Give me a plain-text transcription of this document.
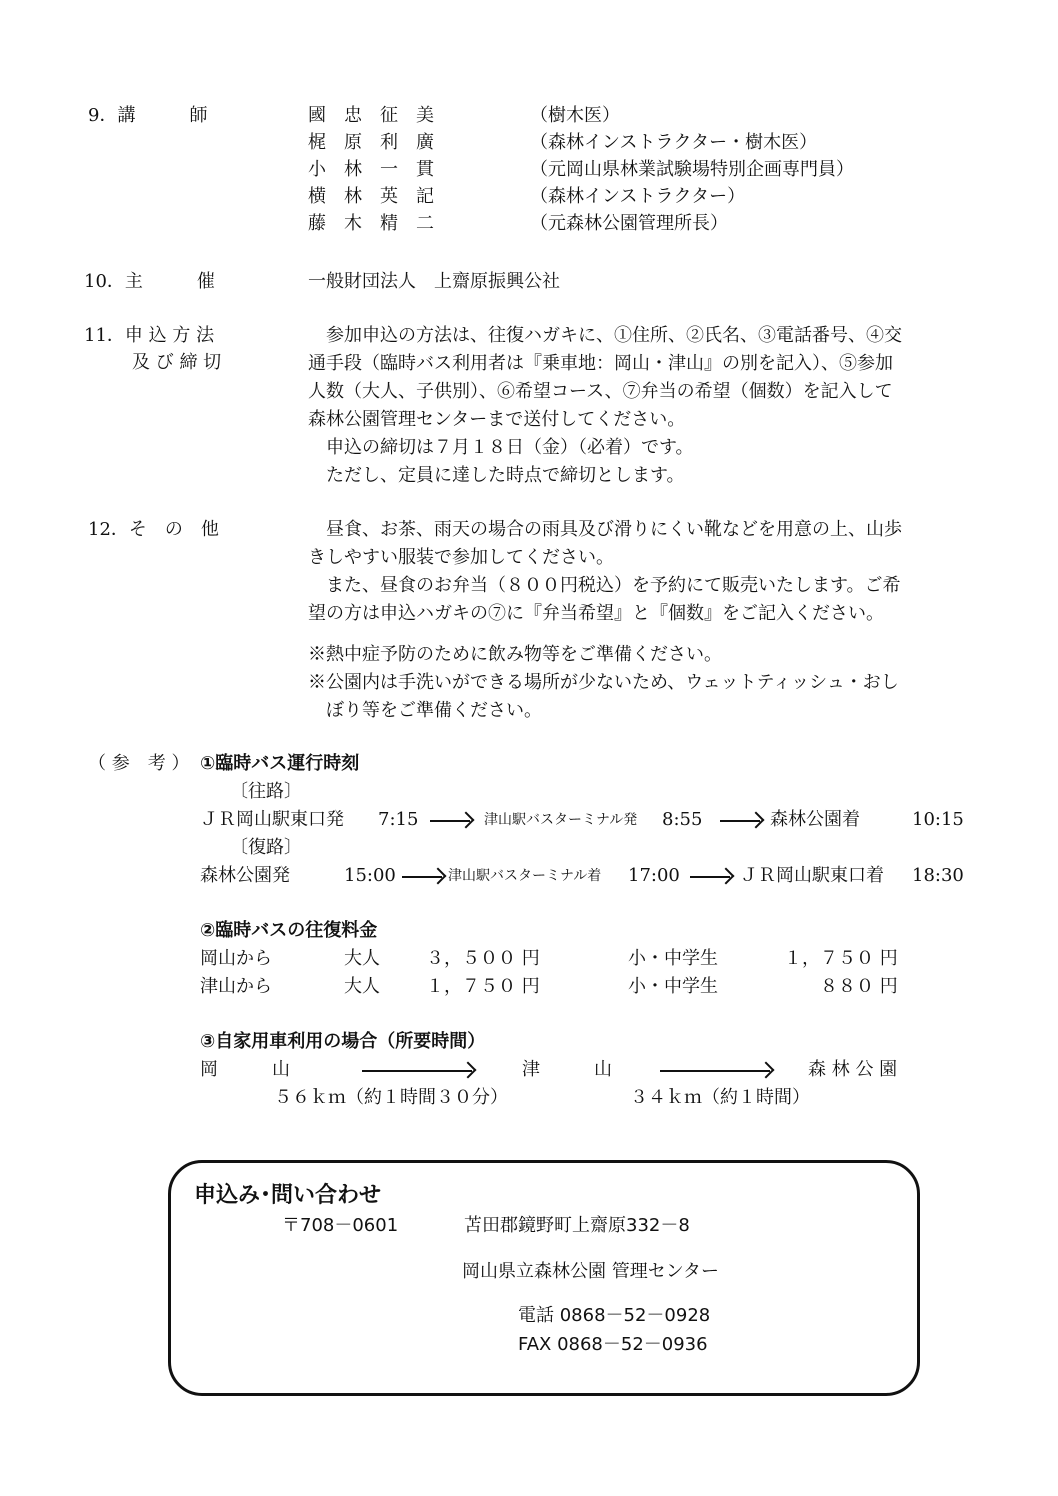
9．講　　　師	國　忠　征　美	（樹木医）
梶　原　利　廣	（森林インストラクター・樹木医）
小　林　一　貫	（元岡山県林業試験場特別企画専門員）
横　林　英　記	（森林インストラクター）
藤　木　精　二	（元森林公園管理所長）
10．主　　　催	一般財団法人　上齋原振興公社
11．申 込 方 法
及 び 締 切
　参加申込の方法は、往復ハガキに、①住所、②氏名、③電話番号、④交
通手段（臨時バス利用者は『乗車地：岡山・津山』の別を記入）、⑤参加
人数（大人、子供別）、⑥希望コース、⑦弁当の希望（個数）を記入して
森林公園管理センターまで送付してください。
　申込の締切は７月１８日（金）（必着）です。
　ただし、定員に達した時点で締切とします。
12．そ　の　他	　昼食、お茶、雨天の場合の雨具及び滑りにくい靴などを用意の上、山歩
きしやすい服装で参加してください。
　また、昼食のお弁当（８００円税込）を予約にて販売いたします。ご希
望の方は申込ハガキの⑦に『弁当希望』と『個数』をご記入ください。
※熱中症予防のために飲み物等をご準備ください。
※公園内は手洗いができる場所が少ないため、ウェットティッシュ・おし
　ぼり等をご準備ください。
（ 参　考 ） ①臨時バス運行時刻
〔往路〕
ＪＲ岡山駅東口発 7:15	津山駅バスターミナル発 8:55	森林公園着	10:15
〔復路〕
森林公園発	15:00	津山駅バスターミナル着 17:00	ＪＲ岡山駅東口着 18:30
②臨時バスの往復料金
岡山から	大人	３，５００ 円	小・中学生	１，７５０ 円
津山から	大人	１，７５０ 円	小・中学生	８８０ 円
③自家用車利用の場合（所要時間）
岡　　　山	津　　　山	森 林 公 園
５６ｋｍ（約１時間３０分）	３４ｋｍ（約１時間）
申込み･問い合わせ
〒708－0601	苫田郡鏡野町上齋原332－8
岡山県立森林公園 管理センター
電話 0868－52－0928
FAX 0868－52－0936
